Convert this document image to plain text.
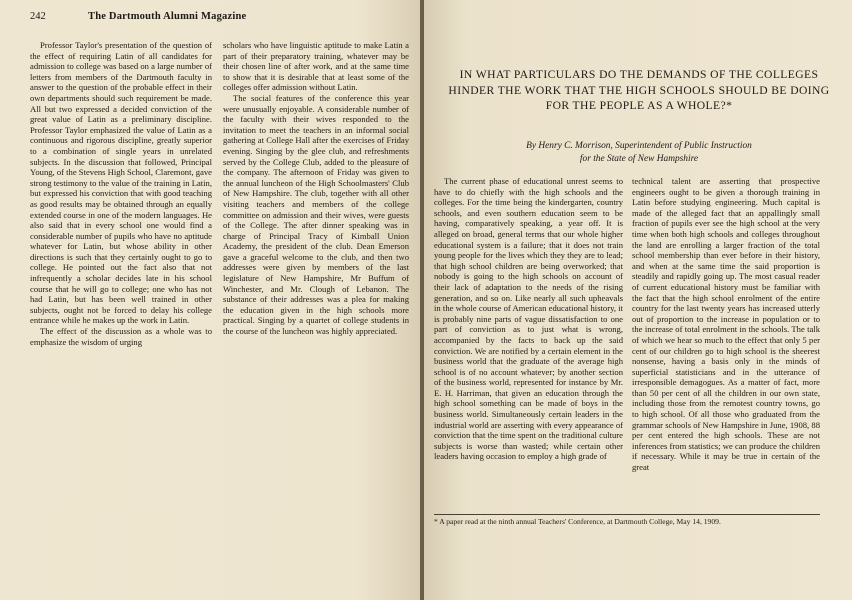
242	The Dartmouth Alumni Magazine

Professor Taylor's presentation of the question of the effect of requiring Latin of all candidates for admission to college was based on a large number of letters from members of the Dartmouth faculty in answer to the question of the probable effect in their own departments should such requirement be made. All but two expressed a decided conviction of the great value of Latin as a preliminary discipline. Professor Taylor emphasized the value of Latin as a continuous and rigorous discipline, greatly superior to a combination of single years in unrelated subjects. In the discussion that followed, Principal Young, of the Stevens High School, Claremont, gave strong testimony to the value of the training in Latin, but expressed his conviction that with good teaching as good results may be obtained through an equally extended course in one of the modern languages. He also said that in every school one would find a considerable number of pupils who have no aptitude whatever for Latin, but whose ability in other directions is such that they certainly ought to go to college. He pointed out the fact also that not infrequently a scholar decides late in his school course that he will go to college; one who has not had Latin, but has been well trained in other subjects, ought not be forced to delay his college entrance while he makes up the work in Latin.

The effect of the discussion as a whole was to emphasize the wisdom of urging

scholars who have linguistic aptitude to make Latin a part of their preparatory training, whatever may be their chosen line of after work, and at the same time to show that it is desirable that at least some of the colleges offer admission without Latin.

The social features of the conference this year were unusually enjoyable. A considerable number of the faculty with their wives responded to the invitation to meet the teachers in an informal social gathering at College Hall after the exercises of Friday evening. Singing by the glee club, and refreshments served by the College Club, added to the pleasure of the company. The afternoon of Friday was given to the annual luncheon of the High Schoolmasters' Club of New Hampshire. The club, together with all other visiting teachers and members of the college committee on admission and their wives, were guests of the College. The after dinner speaking was in charge of Principal Tracy of Kimball Union Academy, the president of the club. Dean Emerson gave a graceful welcome to the club, and then two addresses were given by members of the last legislature of New Hampshire, Mr Buffum of Winchester, and Mr. Clough of Lebanon. The substance of their addresses was a plea for making the education given in the high schools more practical. Singing by a quartet of college students in the course of the luncheon was highly appreciated.

IN WHAT PARTICULARS DO THE DEMANDS OF THE COLLEGES HINDER THE WORK THAT THE HIGH SCHOOLS SHOULD BE DOING FOR THE PEOPLE AS A WHOLE?*
By Henry C. Morrison, Superintendent of Public Instruction
for the State of New Hampshire

The current phase of educational unrest seems to have to do chiefly with the high schools and the colleges. For the time being the kindergarten, country schools, and even southern education seem to be having, comparatively speaking, a year off. It is alleged on broad, general terms that our whole higher educational system is a failure; that it does not train young people for the lives which they they are to lead; that high school children are being overworked; that nobody is going to the high schools on account of their lack of adaptation to the needs of the rising generation, and so on. Like nearly all such upheavals in the whole course of American educational history, it is probably nine parts of vague dissatisfaction to one part of conviction as to just what is wrong, accompanied by the facts to back up the said conviction. We are notified by a certain element in the business world that the graduate of the average high school is of no account whatever; by another section of the business world, represented for instance by Mr. E. H. Harriman, that given an education through the high school something can be made of boys in the business world. Simultaneously certain leaders in the industrial world are asserting with every appearance of conviction that the time spent on the traditional culture subjects is worse than wasted; while certain other leaders having occasion to employ a high grade of

technical talent are asserting that prospective engineers ought to be given a thorough training in Latin before studying engineering. Much capital is made of the alleged fact that an appallingly small fraction of pupils ever see the high school at the very time when both high schools and colleges throughout the land are enrolling a larger fraction of the total school membership than ever before in their history, and when at the same time the said proportion is steadily and rapidly going up. The most casual reader of current educational history must be familiar with the fact that the high school enrolment of the entire country for the last twenty years has increased utterly out of proportion to the increase in population or to the increase of total enrolment in the schools. The talk of which we hear so much to the effect that only 5 per cent of our children go to high school is the sheerest nonsense, having a basis only in the minds of superficial statisticians and in the utterance of irresponsible demagogues. As a matter of fact, more than 50 per cent of all the children in our own state, including those from the remotest country towns, go to high school. Of all those who graduated from the grammar schools of New Hampshire in June, 1908, 88 per cent entered the high schools. These are not inferences from statistics; we can produce the children if necessary. While it may be true in certain of the great

* A paper read at the ninth annual Teachers' Conference, at Dartmouth College, May 14, 1909.
